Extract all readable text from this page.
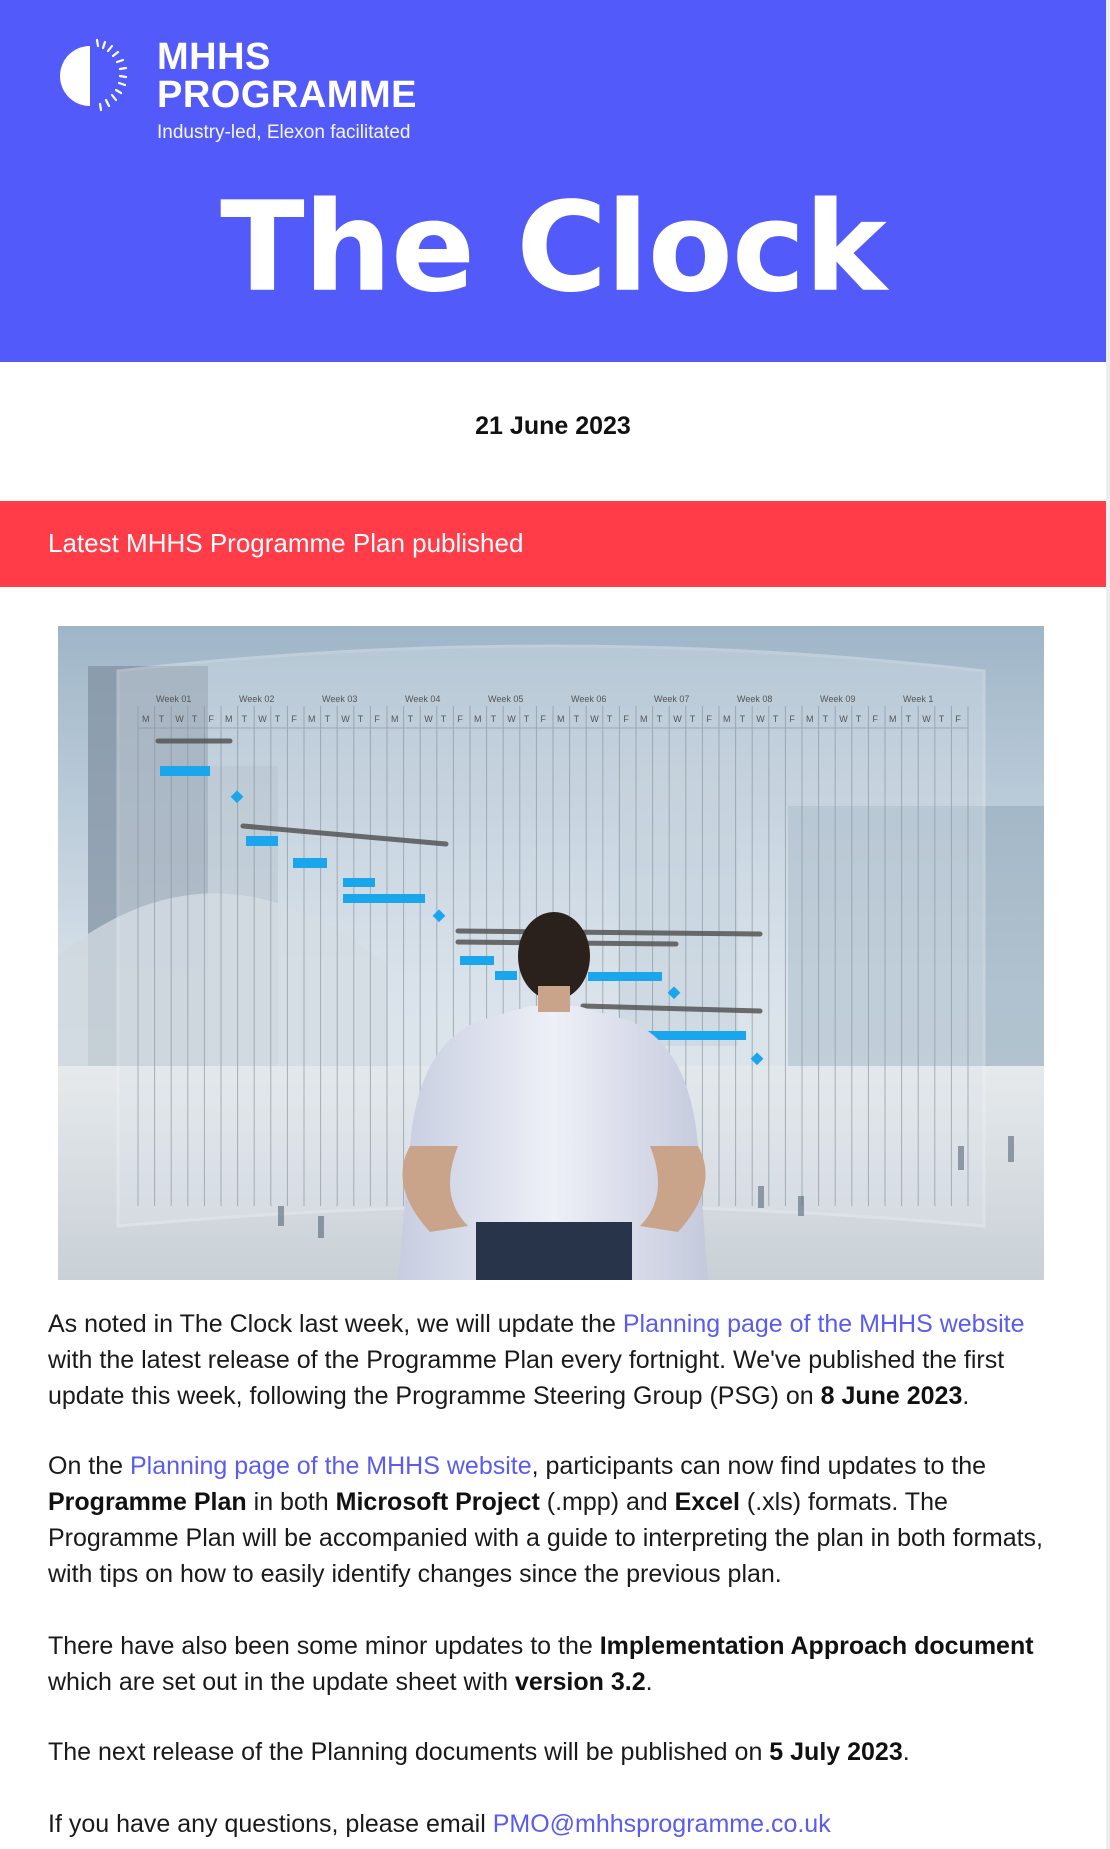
MHHS
PROGRAMME
Industry-led, Elexon facilitated
The Clock
21 June 2023
Latest MHHS Programme Plan published
Week 01
M T W T F
Week 02
M T W T F
Week 03
M T W T F
Week 04
M T W T F
Week 05
M T W T F
Week 06
M T W T F
Week 07
M T W T F
Week 08
M T W T F
Week 09
M T W T F
Week 1
M T W T F
As noted in The Clock last week, we will update the Planning page of the MHHS website with the latest release of the Programme Plan every fortnight. We've published the first update this week, following the Programme Steering Group (PSG) on 8 June 2023.
On the Planning page of the MHHS website, participants can now find updates to the Programme Plan in both Microsoft Project (.mpp) and Excel (.xls) formats. The Programme Plan will be accompanied with a guide to interpreting the plan in both formats, with tips on how to easily identify changes since the previous plan.
There have also been some minor updates to the Implementation Approach document which are set out in the update sheet with version 3.2.
The next release of the Planning documents will be published on 5 July 2023.
If you have any questions, please email PMO@mhhsprogramme.co.uk
